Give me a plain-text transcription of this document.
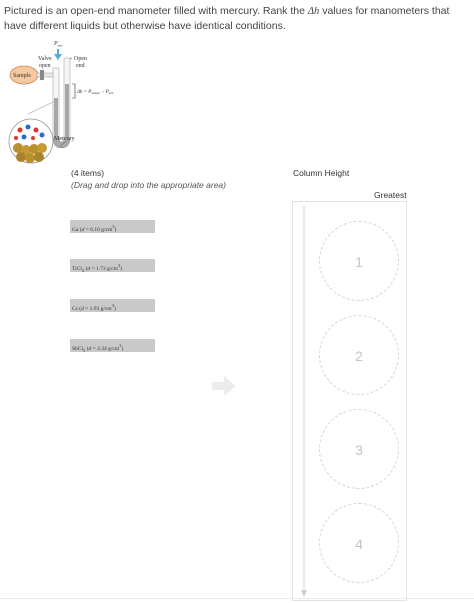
Pictured is an open-end manometer filled with mercury. Rank the Δh values for manometers that have different liquids but otherwise have identical conditions.
$P_{atm}$
Valve
open
Open
end
Sample
$\Delta h = P_{sample} - P_{atm}$
Mercury
(4 items)
(Drag and drop into the appropriate area)
Ga (d = 6.10 $g/cm^3$)
TiCl$_4$ (d = 1.73 $g/cm^3$)
Cs (d = 1.93 $g/cm^3$)
SbCl$_5$ (d = 2.34 $g/cm^3$)
Column Height
Greatest
1
2
3
4
